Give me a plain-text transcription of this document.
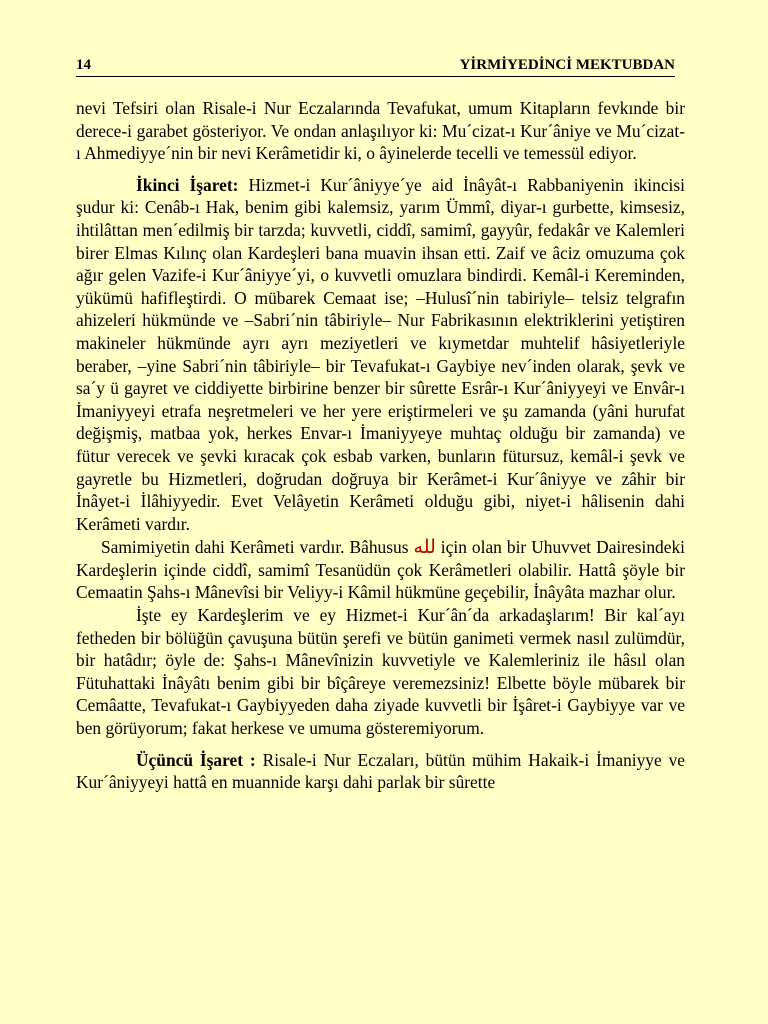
14	YİRMİYEDİNCİ MEKTUBDAN

nevi Tefsiri olan Risale-i Nur Eczalarında Tevafukat, umum Kitapların fevkınde bir derece-i garabet gösteriyor. Ve ondan anlaşılıyor ki: Mu´cizat-ı Kur´âniye ve Mu´cizat-ı Ahmediyye´nin bir nevi Kerâmetidir ki, o âyinelerde tecelli ve temessül ediyor.

İkinci İşaret: Hizmet-i Kur´âniyye´ye aid İnâyât-ı Rabbaniyenin ikincisi şudur ki: Cenâb-ı Hak, benim gibi kalemsiz, yarım Ümmî, diyar-ı gurbette, kimsesiz, ihtilâttan men´edilmiş bir tarzda; kuvvetli, ciddî, samimî, gayyûr, fedakâr ve Kalemleri birer Elmas Kılınç olan Kardeşleri bana muavin ihsan etti. Zaif ve âciz omuzuma çok ağır gelen Vazife-i Kur´âniyye´yi, o kuvvetli omuzlara bindirdi. Kemâl-i Kereminden, yükümü hafifleştirdi. O mübarek Cemaat ise; –Hulusî´nin tabiriyle– telsiz telgrafın ahizeleri hükmünde ve –Sabri´nin tâbiriyle– Nur Fabrikasının elektriklerini yetiştiren makineler hükmünde ayrı ayrı meziyetleri ve kıymetdar muhtelif hâsiyetleriyle beraber, –yine Sabri´nin tâbiriyle– bir Tevafukat-ı Gaybiye nev´inden olarak, şevk ve sa´y ü gayret ve ciddiyette birbirine benzer bir sûrette Esrâr-ı Kur´âniyyeyi ve Envâr-ı İmaniyyeyi etrafa neşretmeleri ve her yere eriştirmeleri ve şu zamanda (yâni hurufat değişmiş, matbaa yok, herkes Envar-ı İmaniyyeye muhtaç olduğu bir zamanda) ve fütur verecek ve şevki kıracak çok esbab varken, bunların fütursuz, kemâl-i şevk ve gayretle bu Hizmetleri, doğrudan doğruya bir Kerâmet-i Kur´âniyye ve zâhir bir İnâyet-i İlâhiyyedir. Evet Velâyetin Kerâmeti olduğu gibi, niyet-i hâlisenin dahi Kerâmeti vardır.

Samimiyetin dahi Kerâmeti vardır. Bâhusus لله için olan bir Uhuvvet Dairesindeki Kardeşlerin içinde ciddî, samimî Tesanüdün çok Kerâmetleri olabilir. Hattâ şöyle bir Cemaatin Şahs-ı Mânevîsi bir Veliyy-i Kâmil hükmüne geçebilir, İnâyâta mazhar olur.

İşte ey Kardeşlerim ve ey Hizmet-i Kur´ân´da arkadaşlarım! Bir kal´ayı fetheden bir bölüğün çavuşuna bütün şerefi ve bütün ganimeti vermek nasıl zulümdür, bir hatâdır; öyle de: Şahs-ı Mânevînizin kuvvetiyle ve Kalemleriniz ile hâsıl olan Fütuhattaki İnâyâtı benim gibi bir bîçâreye veremezsiniz! Elbette böyle mübarek bir Cemâatte, Tevafukat-ı Gaybiyyeden daha ziyade kuvvetli bir İşâret-i Gaybiyye var ve ben görüyorum; fakat herkese ve umuma gösteremiyorum.

Üçüncü İşaret : Risale-i Nur Eczaları, bütün mühim Hakaik-i İmaniyye ve Kur´âniyyeyi hattâ en muannide karşı dahi parlak bir sûrette
